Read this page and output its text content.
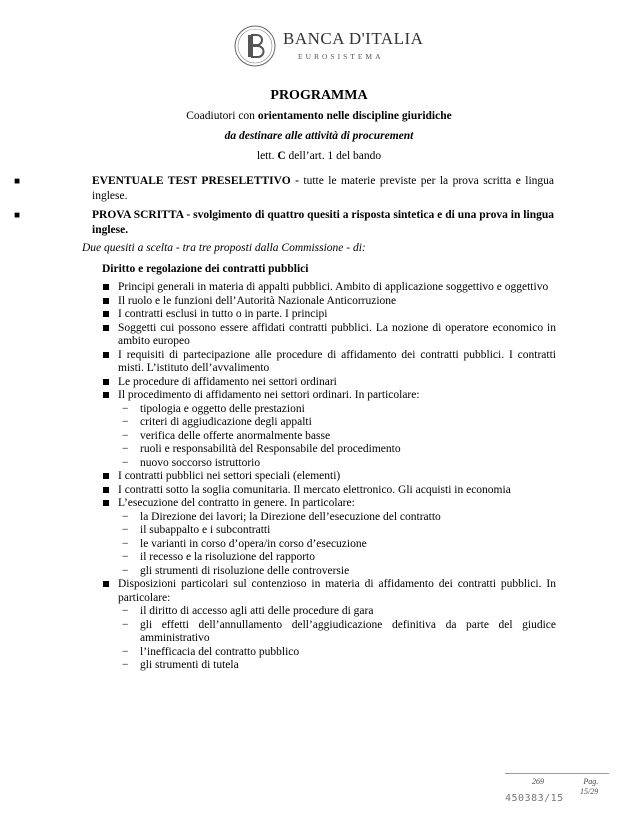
BANCA D'ITALIA
EUROSISTEMA
PROGRAMMA
Coadiutori con orientamento nelle discipline giuridiche
da destinare alle attività di procurement
lett. C dell’art. 1 del bando
■	EVENTUALE TEST PRESELETTIVO - tutte le materie previste per la prova scritta e lingua inglese.
■	PROVA SCRITTA - svolgimento di quattro quesiti a risposta sintetica e di una prova in lingua inglese.
Due quesiti a scelta - tra tre proposti dalla Commissione - di:
Diritto e regolazione dei contratti pubblici
Principi generali in materia di appalti pubblici. Ambito di applicazione soggettivo e oggettivo
Il ruolo e le funzioni dell’Autorità Nazionale Anticorruzione
I contratti esclusi in tutto o in parte. I principi
Soggetti cui possono essere affidati contratti pubblici. La nozione di operatore economico in ambito europeo
I requisiti di partecipazione alle procedure di affidamento dei contratti pubblici. I contratti misti. L’istituto dell’avvalimento
Le procedure di affidamento nei settori ordinari
Il procedimento di affidamento nei settori ordinari. In particolare:
− tipologia e oggetto delle prestazioni
− criteri di aggiudicazione degli appalti
− verifica delle offerte anormalmente basse
− ruoli e responsabilità del Responsabile del procedimento
− nuovo soccorso istruttorio
I contratti pubblici nei settori speciali (elementi)
I contratti sotto la soglia comunitaria. Il mercato elettronico. Gli acquisti in economia
L’esecuzione del contratto in genere. In particolare:
− la Direzione dei lavori; la Direzione dell’esecuzione del contratto
− il subappalto e i subcontratti
− le varianti in corso d’opera/in corso d’esecuzione
− il recesso e la risoluzione del rapporto
− gli strumenti di risoluzione delle controversie
Disposizioni particolari sul contenzioso in materia di affidamento dei contratti pubblici. In particolare:
− il diritto di accesso agli atti delle procedure di gara
− gli effetti dell’annullamento dell’aggiudicazione definitiva da parte del giudice amministrativo
− l’inefficacia del contratto pubblico
− gli strumenti di tutela
269	Pag.
15/29
450383/15
